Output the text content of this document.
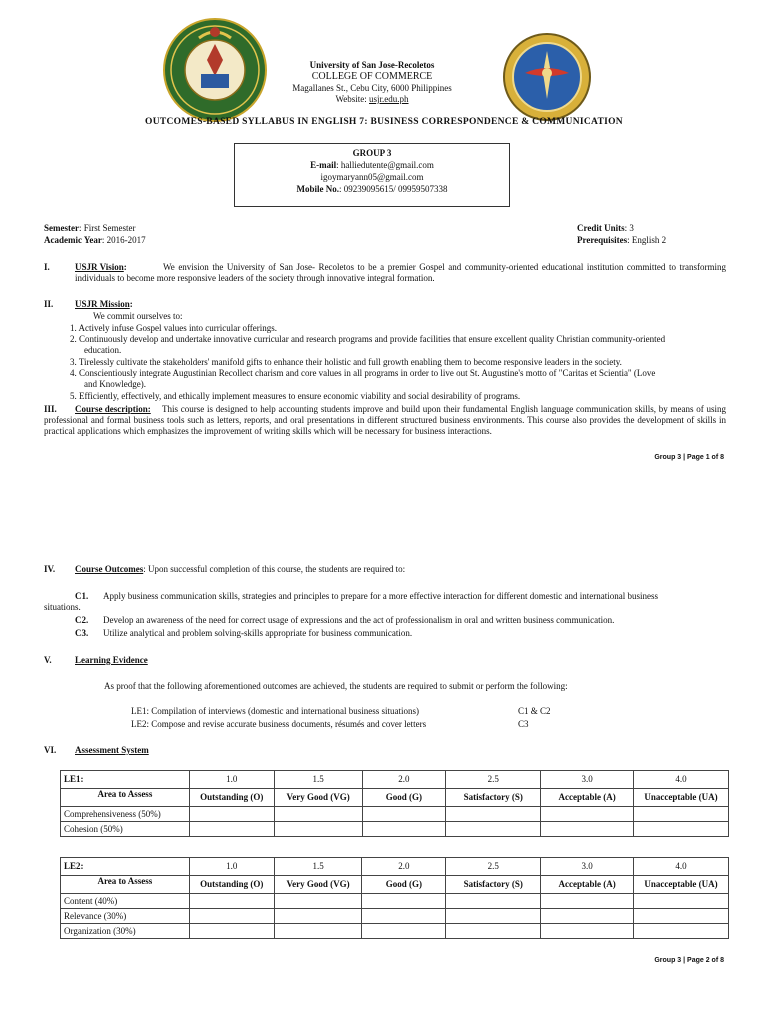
University of San Jose-Recoletos
COLLEGE OF COMMERCE
Magallanes St., Cebu City, 6000 Philippines
Website: usjr.edu.ph
OUTCOMES-BASED SYLLABUS IN ENGLISH 7: BUSINESS CORRESPONDENCE & COMMUNICATION
GROUP 3
E-mail: halliedutente@gmail.com
igoymaryann05@gmail.com
Mobile No.: 09239095615/ 09959507338
Semester: First Semester
Academic Year: 2016-2017
Credit Units: 3
Prerequisites: English 2
I.	USJR Vision:	We envision the University of San Jose- Recoletos to be a premier Gospel and community-oriented educational institution committed to transforming individuals to become more responsive leaders of the society through innovative integral formation.
II. USJR Mission:
We commit ourselves to:
1. Actively infuse Gospel values into curricular offerings.
2. Continuously develop and undertake innovative curricular and research programs and provide facilities that ensure excellent quality Christian community-oriented
education.
3. Tirelessly cultivate the stakeholders' manifold gifts to enhance their holistic and full growth enabling them to become responsive leaders in the society.
4. Conscientiously integrate Augustinian Recollect charism and core values in all programs in order to live out St. Augustine's motto of "Caritas et Scientia" (Love
and Knowledge).
5. Efficiently, effectively, and ethically implement measures to ensure economic viability and social desirability of programs.
III. Course description:	This course is designed to help accounting students improve and build upon their fundamental English language communication skills, by means of using professional and formal business tools such as letters, reports, and oral presentations in different structured business environments. This course also provides the development of skills in practical applications which emphasizes the improvement of writing skills which will be necessary for business interactions.
Group 3 | Page 1 of 8
IV. Course Outcomes: Upon successful completion of this course, the students are required to:
C1. Apply business communication skills, strategies and principles to prepare for a more effective interaction for different domestic and international business
situations.
C2. Develop an awareness of the need for correct usage of expressions and the act of professionalism in oral and written business communication.
C3. Utilize analytical and problem solving-skills appropriate for business communication.
V.	Learning Evidence
As proof that the following aforementioned outcomes are achieved, the students are required to submit or perform the following:
LE1: Compilation of interviews (domestic and international business situations)	C1 & C2
LE2: Compose and revise accurate business documents, résumés and cover letters	C3
VI. Assessment System
LE1:	1.0	1.5	2.0	2.5	3.0	4.0
Area to Assess	Outstanding (O)	Very Good (VG)	Good (G)	Satisfactory (S)	Acceptable (A)	Unacceptable (UA)
Comprehensiveness (50%)						
Cohesion (50%)						
LE2:	1.0	1.5	2.0	2.5	3.0	4.0
Area to Assess	Outstanding (O)	Very Good (VG)	Good (G)	Satisfactory (S)	Acceptable (A)	Unacceptable (UA)
Content (40%)						
Relevance (30%)						
Organization (30%)						
Group 3 | Page 2 of 8
